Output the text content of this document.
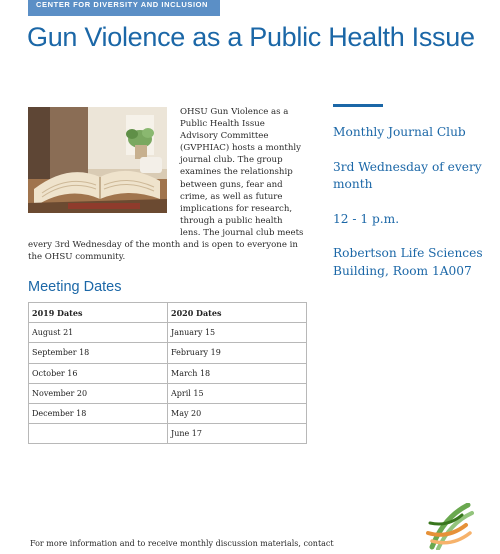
CENTER FOR DIVERSITY AND INCLUSION
Gun Violence as a Public Health Issue

OHSU Gun Violence as a Public Health Issue Advisory Committee (GVPHIAC) hosts a monthly journal club. The group examines the relationship between guns, fear and crime, as well as future implications for research, through a public health lens. The journal club meets every 3rd Wednesday of the month and is open to everyone in the OHSU community.

Meeting Dates
2019 Dates	2020 Dates
August 21	January 15
September 18	February 19
October 16	March 18
November 20	April 15
December 18	May 20
	June 17

Monthly Journal Club

3rd Wednesday of every month

12 - 1 p.m.

Robertson Life Sciences Building, Room 1A007

For more information and to receive monthly discussion materials, contact
